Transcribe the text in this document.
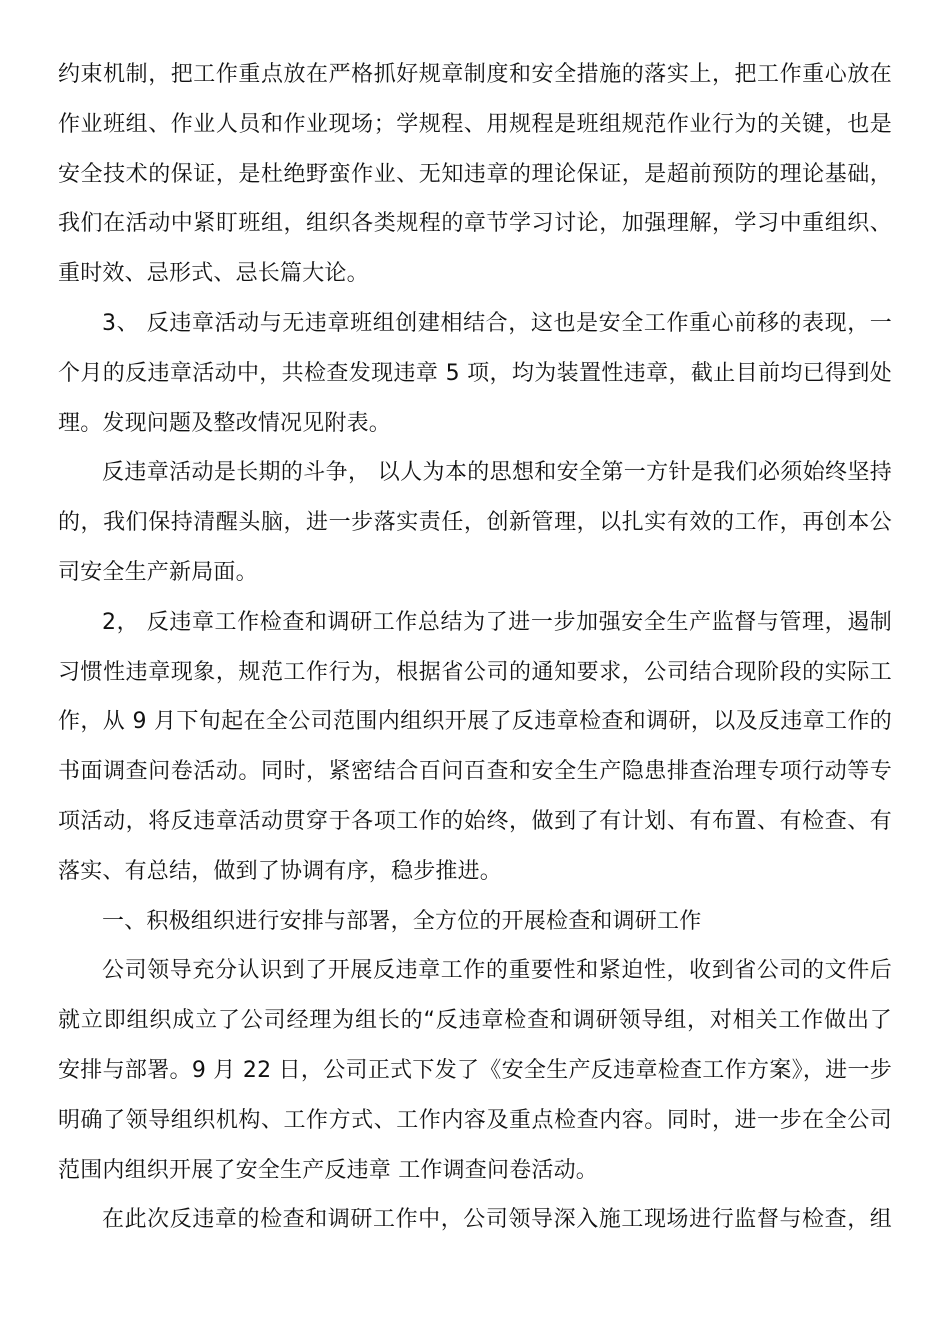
约束机制，把工作重点放在严格抓好规章制度和安全措施的落实上，把工作重心放在
作业班组、作业人员和作业现场；学规程、用规程是班组规范作业行为的关键，也是
安全技术的保证，是杜绝野蛮作业、无知违章的理论保证，是超前预防的理论基础，
我们在活动中紧盯班组，组织各类规程的章节学习讨论，加强理解，学习中重组织、
重时效、忌形式、忌长篇大论。
3、 反违章活动与无违章班组创建相结合，这也是安全工作重心前移的表现，一
个月的反违章活动中，共检查发现违章 5 项，均为装置性违章，截止目前均已得到处
理。发现问题及整改情况见附表。
反违章活动是长期的斗争， 以人为本的思想和安全第一方针是我们必须始终坚持
的，我们保持清醒头脑，进一步落实责任，创新管理，以扎实有效的工作，再创本公
司安全生产新局面。
2， 反违章工作检查和调研工作总结为了进一步加强安全生产监督与管理，遏制
习惯性违章现象，规范工作行为，根据省公司的通知要求，公司结合现阶段的实际工
作，从 9 月下旬起在全公司范围内组织开展了反违章检查和调研，以及反违章工作的
书面调查问卷活动。同时，紧密结合百问百查和安全生产隐患排查治理专项行动等专
项活动，将反违章活动贯穿于各项工作的始终，做到了有计划、有布置、有检查、有
落实、有总结，做到了协调有序，稳步推进。
一、积极组织进行安排与部署，全方位的开展检查和调研工作
公司领导充分认识到了开展反违章工作的重要性和紧迫性，收到省公司的文件后
就立即组织成立了公司经理为组长的“反违章检查和调研领导组，对相关工作做出了
安排与部署。9 月 22 日，公司正式下发了《安全生产反违章检查工作方案》，进一步
明确了领导组织机构、工作方式、工作内容及重点检查内容。同时，进一步在全公司
范围内组织开展了安全生产反违章 工作调查问卷活动。
在此次反违章的检查和调研工作中，公司领导深入施工现场进行监督与检查，组
